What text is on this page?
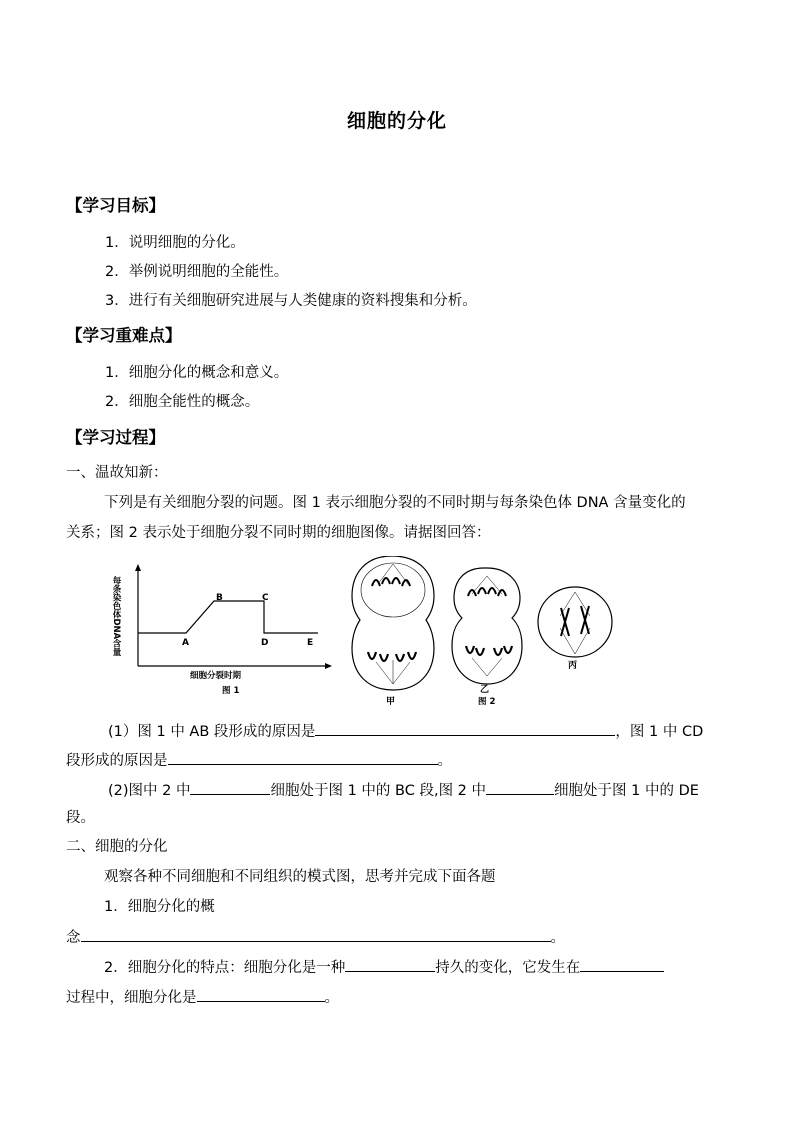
细胞的分化
【学习目标】
1．说明细胞的分化。
2．举例说明细胞的全能性。
3．进行有关细胞研究进展与人类健康的资料搜集和分析。
【学习重难点】
1．细胞分化的概念和意义。
2．细胞全能性的概念。
【学习过程】
一、温故知新：
下列是有关细胞分裂的问题。图 1 表示细胞分裂的不同时期与每条染色体 DNA 含量变化的
关系；图 2 表示处于细胞分裂不同时期的细胞图像。请据图回答：
每条染色体DNA含量	A
B	C
D	E
细胞分裂时期
图 1
甲
乙
丙
图 2
(1）图 1 中 AB 段形成的原因是	，图 1 中 CD
段形成的原因是	。
(2)图中 2 中	细胞处于图 1 中的 BC 段,图 2 中	细胞处于图 1 中的 DE
段。
二、细胞的分化
观察各种不同细胞和不同组织的模式图，思考并完成下面各题
1．细胞分化的概
念	。
2．细胞分化的特点：细胞分化是一种	持久的变化，它发生在
过程中，细胞分化是	。
